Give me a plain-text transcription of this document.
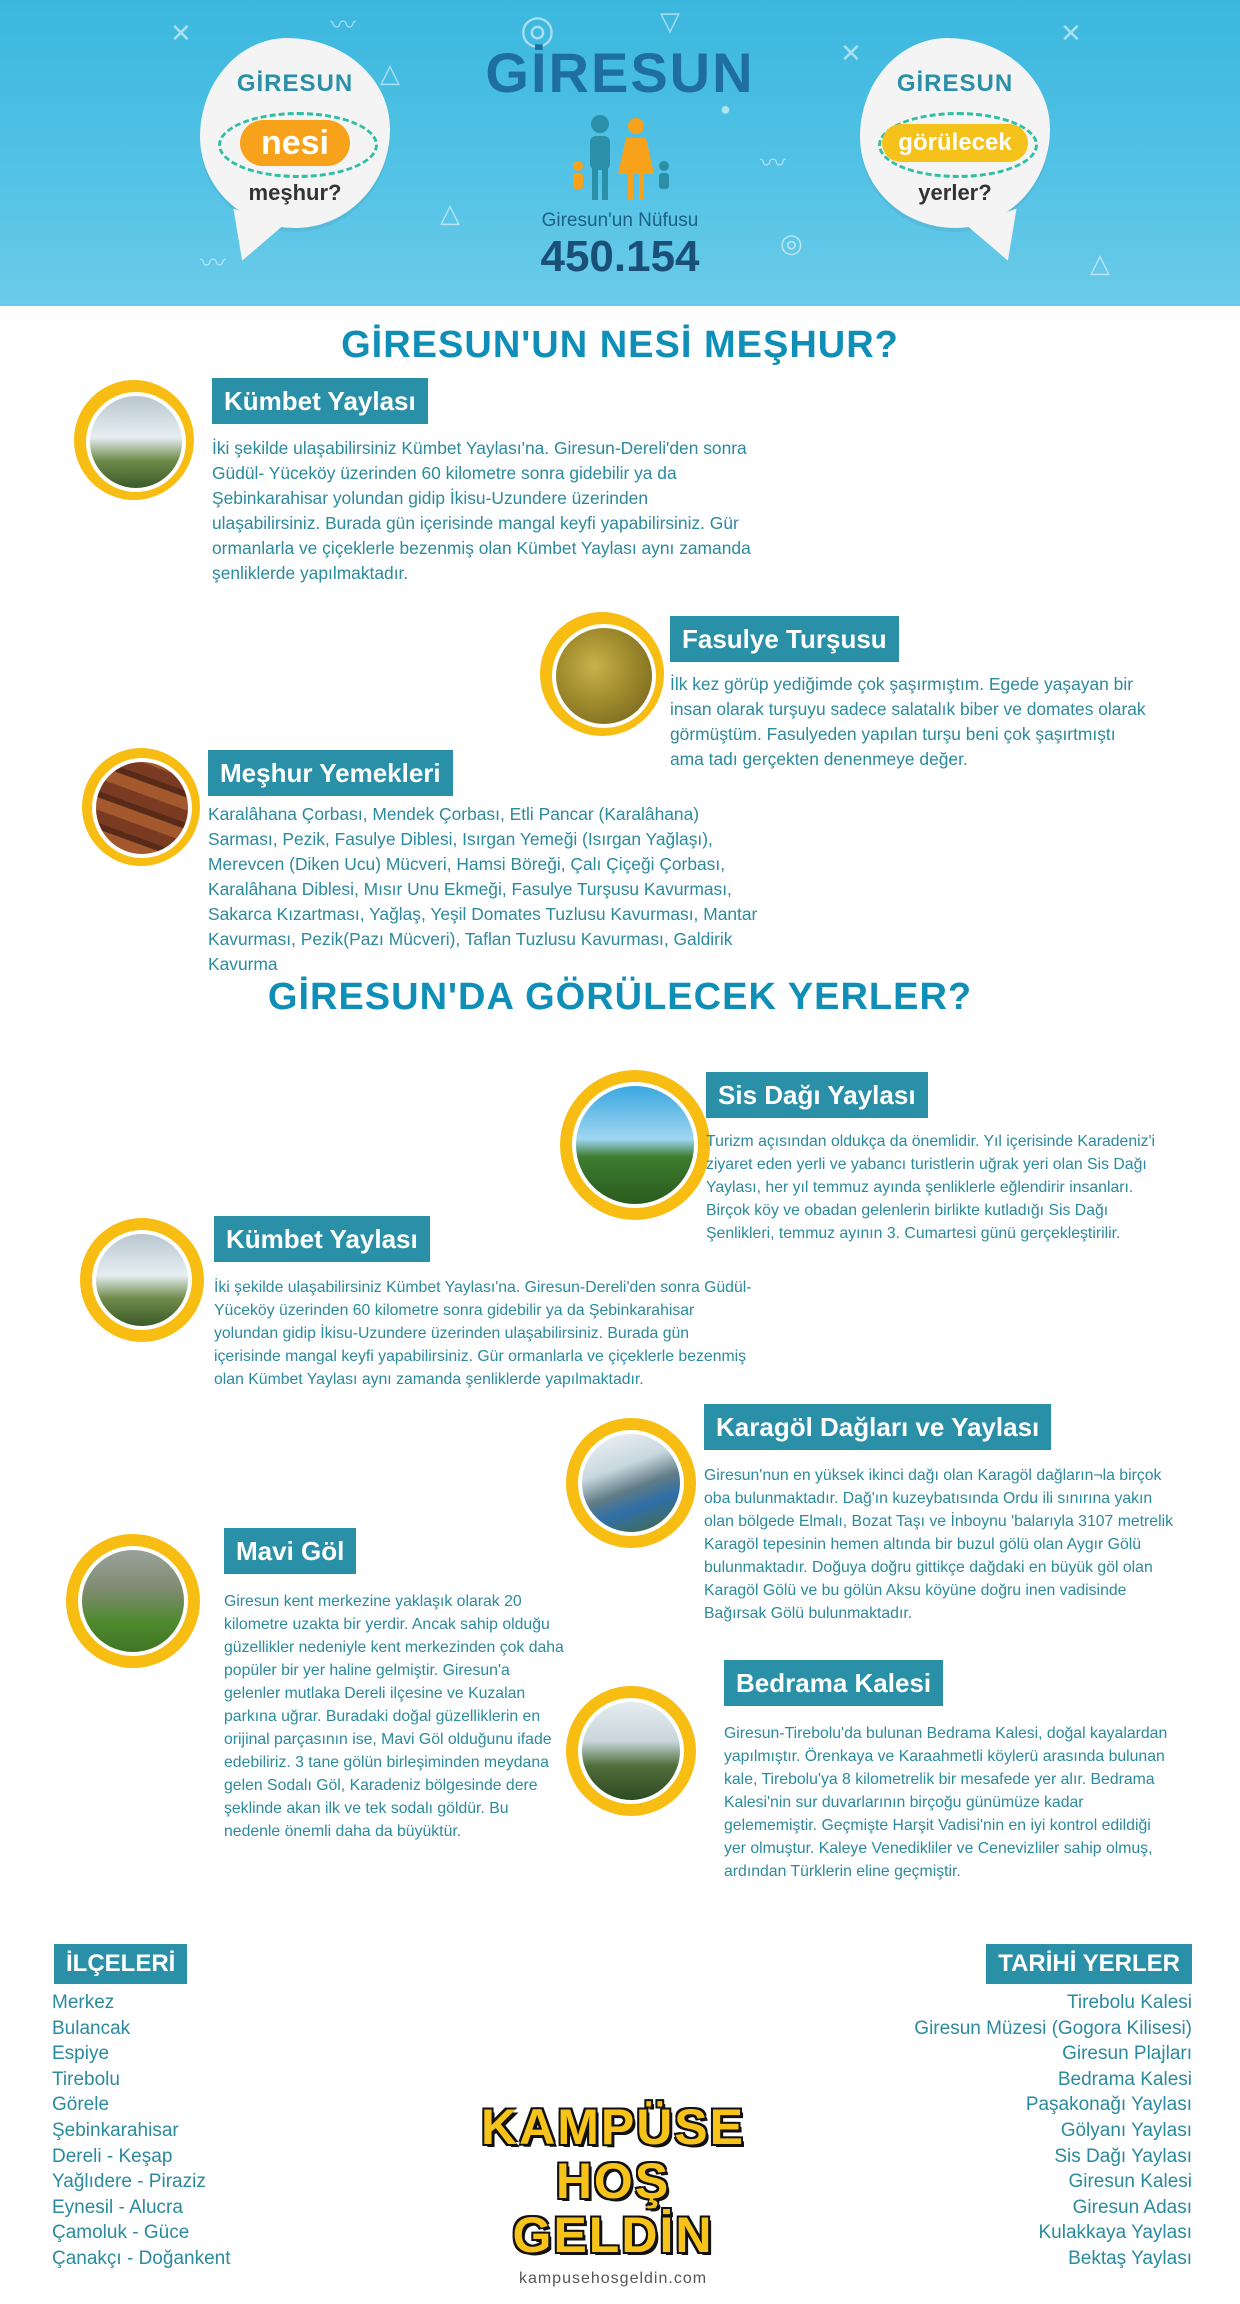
✕	〰
△
△
◎	▽
〰
✕
◎
〰
✕
△
●
GİRESUN
nesi
meşhur?
GİRESUN
görülecek
yerler?
GİRESUN
Giresun'un Nüfusu
450.154
GİRESUN'UN NESİ MEŞHUR?
Kümbet Yaylası
İki şekilde ulaşabilirsiniz Kümbet Yaylası'na. Giresun-Dereli'den sonra Güdül- Yüceköy üzerinden 60 kilometre sonra gidebilir ya da Şebinkarahisar yolundan gidip İkisu-Uzundere üzerinden ulaşabilirsiniz. Burada gün içerisinde mangal keyfi yapabilirsiniz. Gür ormanlarla ve çiçeklerle bezenmiş olan Kümbet Yaylası aynı zamanda şenliklerde yapılmaktadır.
Fasulye Turşusu
İlk kez görüp yediğimde çok şaşırmıştım. Egede yaşayan bir insan olarak turşuyu sadece salatalık biber ve domates olarak görmüştüm. Fasulyeden yapılan turşu beni çok şaşırtmıştı ama tadı gerçekten denenmeye değer.
Meşhur Yemekleri
Karalâhana Çorbası, Mendek Çorbası, Etli Pancar (Karalâhana) Sarması, Pezik, Fasulye Diblesi, Isırgan Yemeği (Isırgan Yağlaşı), Merevcen (Diken Ucu) Mücveri, Hamsi Böreği, Çalı Çiçeği Çorbası, Karalâhana Diblesi, Mısır Unu Ekmeği, Fasulye Turşusu Kavurması, Sakarca Kızartması, Yağlaş, Yeşil Domates Tuzlusu Kavurması, Mantar Kavurması, Pezik(Pazı Mücveri), Taflan Tuzlusu Kavurması, Galdirik Kavurma
GİRESUN'DA GÖRÜLECEK YERLER?
Sis Dağı Yaylası
Turizm açısından oldukça da önemlidir. Yıl içerisinde Karadeniz'i ziyaret eden yerli ve yabancı turistlerin uğrak yeri olan Sis Dağı Yaylası, her yıl temmuz ayında şenliklerle eğlendirir insanları. Birçok köy ve obadan gelenlerin birlikte kutladığı Sis Dağı Şenlikleri, temmuz ayının 3. Cumartesi günü gerçekleştirilir.
Kümbet Yaylası
İki şekilde ulaşabilirsiniz Kümbet Yaylası'na. Giresun-Dereli'den sonra Güdül- Yüceköy üzerinden 60 kilometre sonra gidebilir ya da Şebinkarahisar yolundan gidip İkisu-Uzundere üzerinden ulaşabilirsiniz. Burada gün içerisinde mangal keyfi yapabilirsiniz. Gür ormanlarla ve çiçeklerle bezenmiş olan Kümbet Yaylası aynı zamanda şenliklerde yapılmaktadır.
Karagöl Dağları ve Yaylası
Giresun'nun en yüksek ikinci dağı olan Karagöl dağların¬la birçok oba bulunmaktadır. Dağ'ın kuzeybatısında Ordu ili sınırına yakın olan bölgede Elmalı, Bozat Taşı ve İnboynu 'balarıyla 3107 metrelik Karagöl tepesinin hemen altında bir buzul gölü olan Aygır Gölü bulunmaktadır. Doğuya doğru gittikçe dağdaki en büyük göl olan Karagöl Gölü ve bu gölün Aksu köyüne doğru inen vadisinde Bağırsak Gölü bulunmaktadır.
Mavi Göl
Giresun kent merkezine yaklaşık olarak 20 kilometre uzakta bir yerdir. Ancak sahip olduğu güzellikler nedeniyle kent merkezinden çok daha popüler bir yer haline gelmiştir. Giresun'a gelenler mutlaka Dereli ilçesine ve Kuzalan parkına uğrar. Buradaki doğal güzelliklerin en orijinal parçasının ise, Mavi Göl olduğunu ifade edebiliriz. 3 tane gölün birleşiminden meydana gelen Sodalı Göl, Karadeniz bölgesinde dere şeklinde akan ilk ve tek sodalı göldür. Bu nedenle önemli daha da büyüktür.
Bedrama Kalesi
Giresun-Tirebolu'da bulunan Bedrama Kalesi, doğal kayalardan yapılmıştır. Örenkaya ve Karaahmetli köylerü arasında bulunan kale, Tirebolu'ya 8 kilometrelik bir mesafede yer alır. Bedrama Kalesi'nin sur duvarlarının birçoğu günümüze kadar gelememiştir. Geçmişte Harşit Vadisi'nin en iyi kontrol edildiği yer olmuştur. Kaleye Venedikliler ve Cenevizliler sahip olmuş, ardından Türklerin eline geçmiştir.
İLÇELERİ
Merkez
Bulancak
Espiye
Tirebolu
Görele
Şebinkarahisar
Dereli - Keşap
Yağlıdere - Piraziz
Eynesil - Alucra
Çamoluk - Güce
Çanakçı - Doğankent
TARİHİ YERLER
Tirebolu Kalesi
Giresun Müzesi (Gogora Kilisesi)
Giresun Plajları
Bedrama Kalesi
Paşakonağı Yaylası
Gölyanı Yaylası
Sis Dağı Yaylası
Giresun Kalesi
Giresun Adası
Kulakkaya Yaylası
Bektaş Yaylası
KAMPÜSE
HOŞ GELDİN
kampusehosgeldin.com
